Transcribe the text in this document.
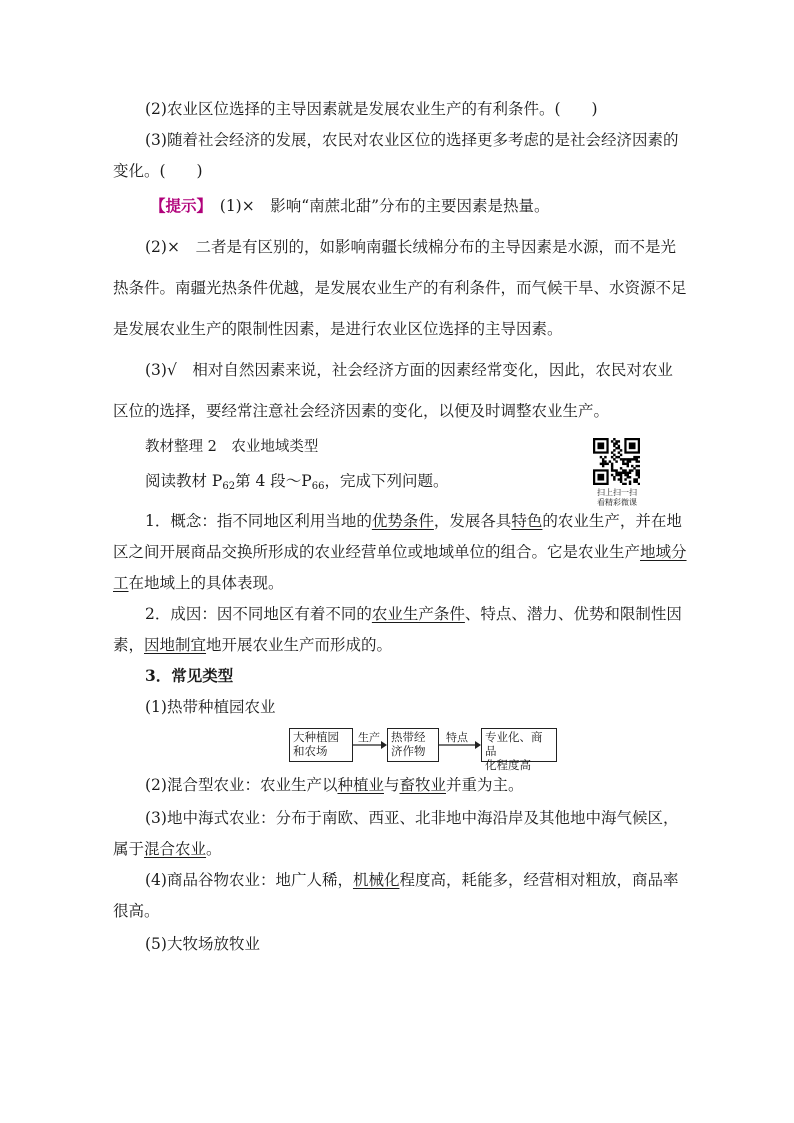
(2)农业区位选择的主导因素就是发展农业生产的有利条件。(　　)
(3)随着社会经济的发展，农民对农业区位的选择更多考虑的是社会经济因素的
变化。(　　)
【提示】　(1)×　影响“南蔗北甜”分布的主要因素是热量。
(2)×　二者是有区别的，如影响南疆长绒棉分布的主导因素是水源，而不是光
热条件。南疆光热条件优越，是发展农业生产的有利条件，而气候干旱、水资源不足
是发展农业生产的限制性因素，是进行农业区位选择的主导因素。
(3)√　相对自然因素来说，社会经济方面的因素经常变化，因此，农民对农业
区位的选择，要经常注意社会经济因素的变化，以便及时调整农业生产。
教材整理 2　农业地域类型
阅读教材 $P_{62}$第 4 段$\sim P_{66}$，完成下列问题。
扫上扫一扫
看精彩微课
1．概念：指不同地区利用当地的优势条件，发展各具特色的农业生产，并在地
区之间开展商品交换所形成的农业经营单位或地域单位的组合。它是农业生产地域分
工在地域上的具体表现。
2．成因：因不同地区有着不同的农业生产条件、特点、潜力、优势和限制性因
素，因地制宜地开展农业生产而形成的。
3．常见类型
(1)热带种植园农业
大种植园
和农场
生产 热带经
济作物
特点 专业化、商品
化程度高
(2)混合型农业：农业生产以种植业与畜牧业并重为主。
(3)地中海式农业：分布于南欧、西亚、北非地中海沿岸及其他地中海气候区，
属于混合农业。
(4)商品谷物农业：地广人稀，机械化程度高，耗能多，经营相对粗放，商品率
很高。
(5)大牧场放牧业
